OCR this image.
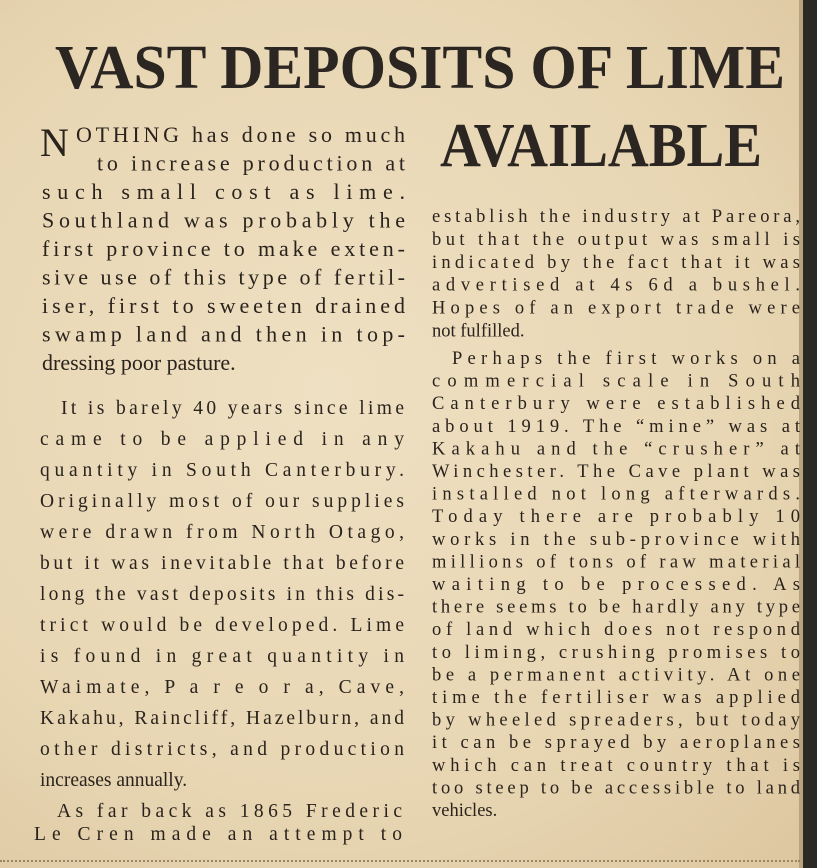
VAST DEPOSITS OF LIME
AVAILABLE
N OTHING has done so much
to increase production at
such small cost as lime.
Southland was probably the
first province to make exten-
sive use of this type of fertil-
iser, first to sweeten drained
swamp land and then in top-
dressing poor pasture.
It is barely 40 years since lime
came to be applied in any
quantity in South Canterbury.
Originally most of our supplies
were drawn from North Otago,
but it was inevitable that before
long the vast deposits in this dis-
trict would be developed. Lime
is found in great quantity in
Waimate, P a r e o r a, Cave,
Kakahu, Raincliff, Hazelburn, and
other districts, and production
increases annually.
As far back as 1865 Frederic
Le Cren made an attempt to
establish the industry at Pareora,
but that the output was small is
indicated by the fact that it was
advertised at 4s 6d a bushel.
Hopes of an export trade were
not fulfilled.
Perhaps the first works on a
commercial scale in South
Canterbury were established
about 1919. The “mine” was at
Kakahu and the “crusher” at
Winchester. The Cave plant was
installed not long afterwards.
Today there are probably 10
works in the sub-province with
millions of tons of raw material
waiting to be processed. As
there seems to be hardly any type
of land which does not respond
to liming, crushing promises to
be a permanent activity. At one
time the fertiliser was applied
by wheeled spreaders, but today
it can be sprayed by aeroplanes
which can treat country that is
too steep to be accessible to land
vehicles.
